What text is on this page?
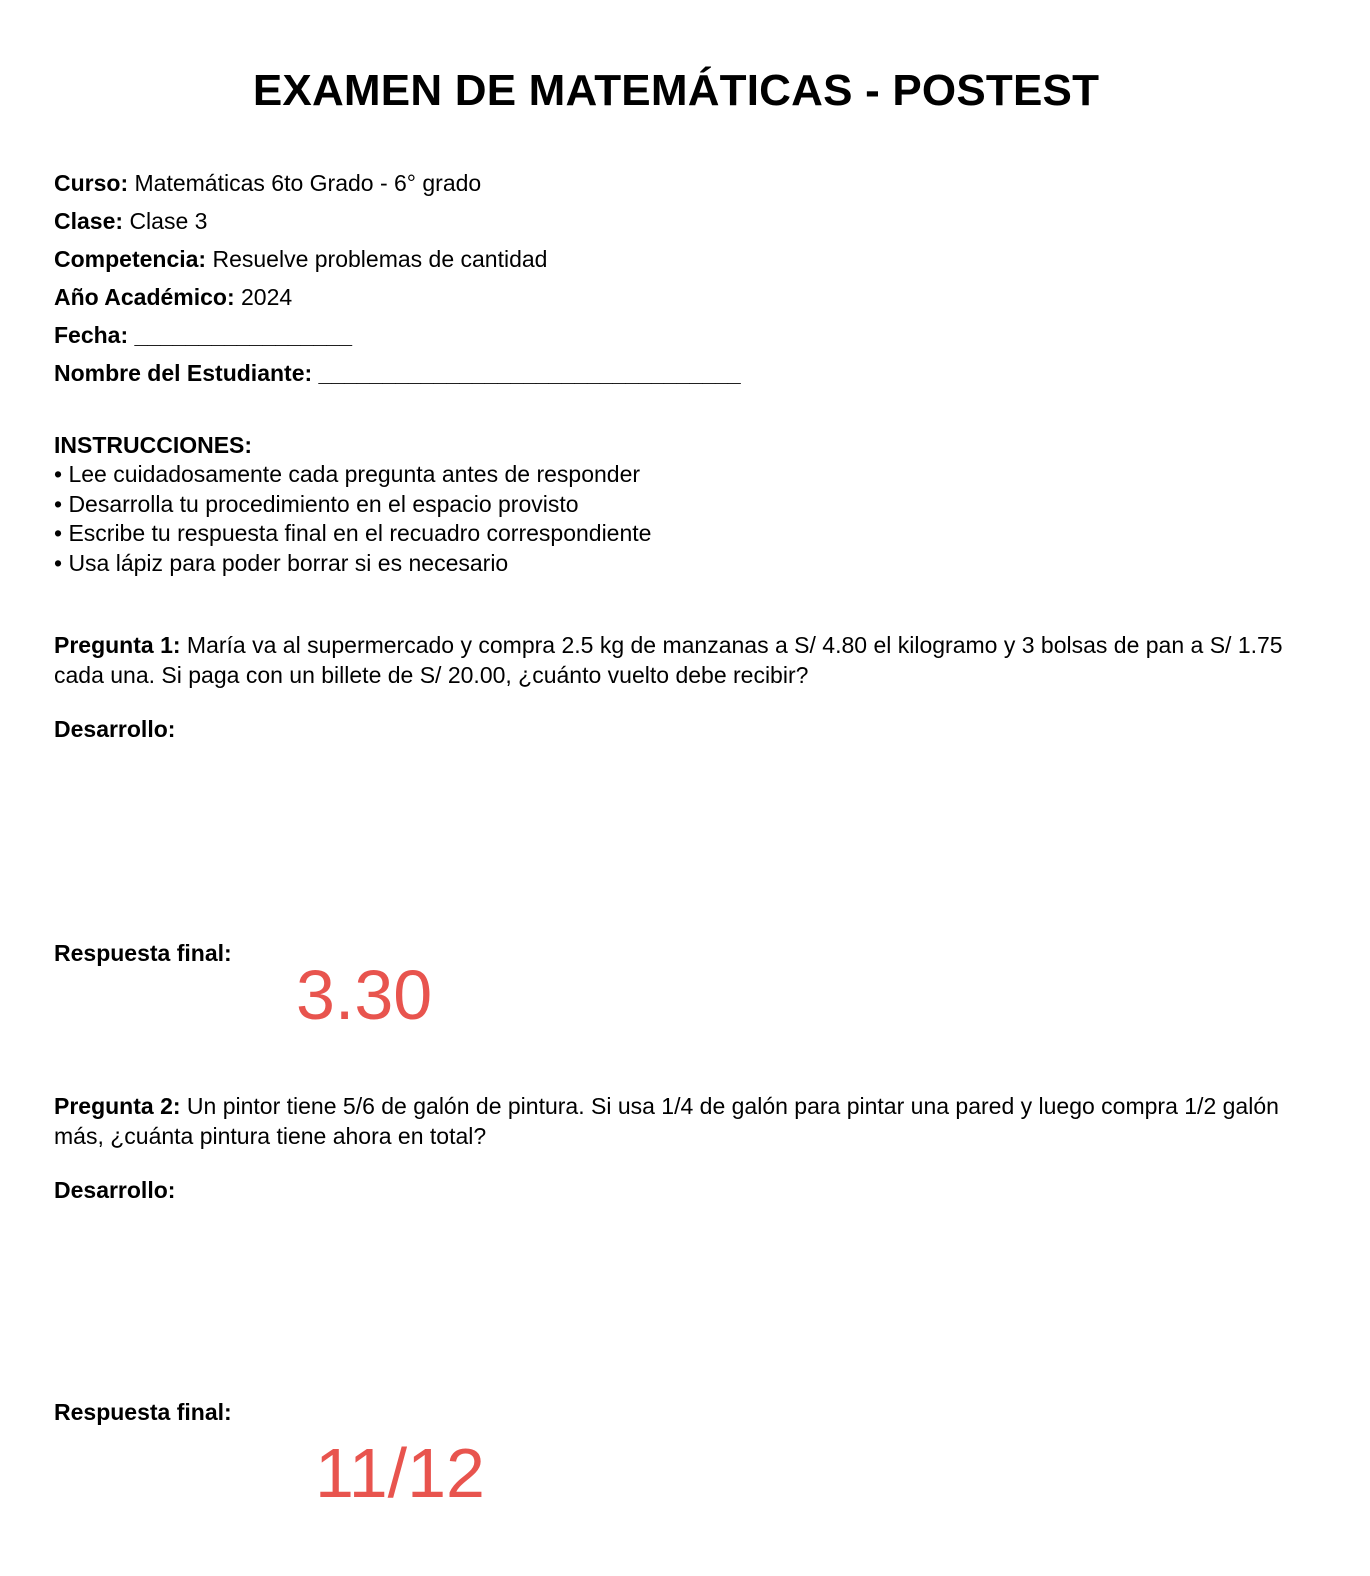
EXAMEN DE MATEMÁTICAS - POSTEST
Curso: Matemáticas 6to Grado - 6° grado
Clase: Clase 3
Competencia: Resuelve problemas de cantidad
Año Académico: 2024
Fecha: _________________
Nombre del Estudiante: _________________________________
INSTRUCCIONES:
• Lee cuidadosamente cada pregunta antes de responder
• Desarrolla tu procedimiento en el espacio provisto
• Escribe tu respuesta final en el recuadro correspondiente
• Usa lápiz para poder borrar si es necesario
Pregunta 1: María va al supermercado y compra 2.5 kg de manzanas a S/ 4.80 el kilogramo y 3 bolsas de pan a S/ 1.75 cada una. Si paga con un billete de S/ 20.00, ¿cuánto vuelto debe recibir?
Desarrollo:
Respuesta final:
3.30
Pregunta 2: Un pintor tiene 5/6 de galón de pintura. Si usa 1/4 de galón para pintar una pared y luego compra 1/2 galón más, ¿cuánta pintura tiene ahora en total?
Desarrollo:
Respuesta final:
11/12
